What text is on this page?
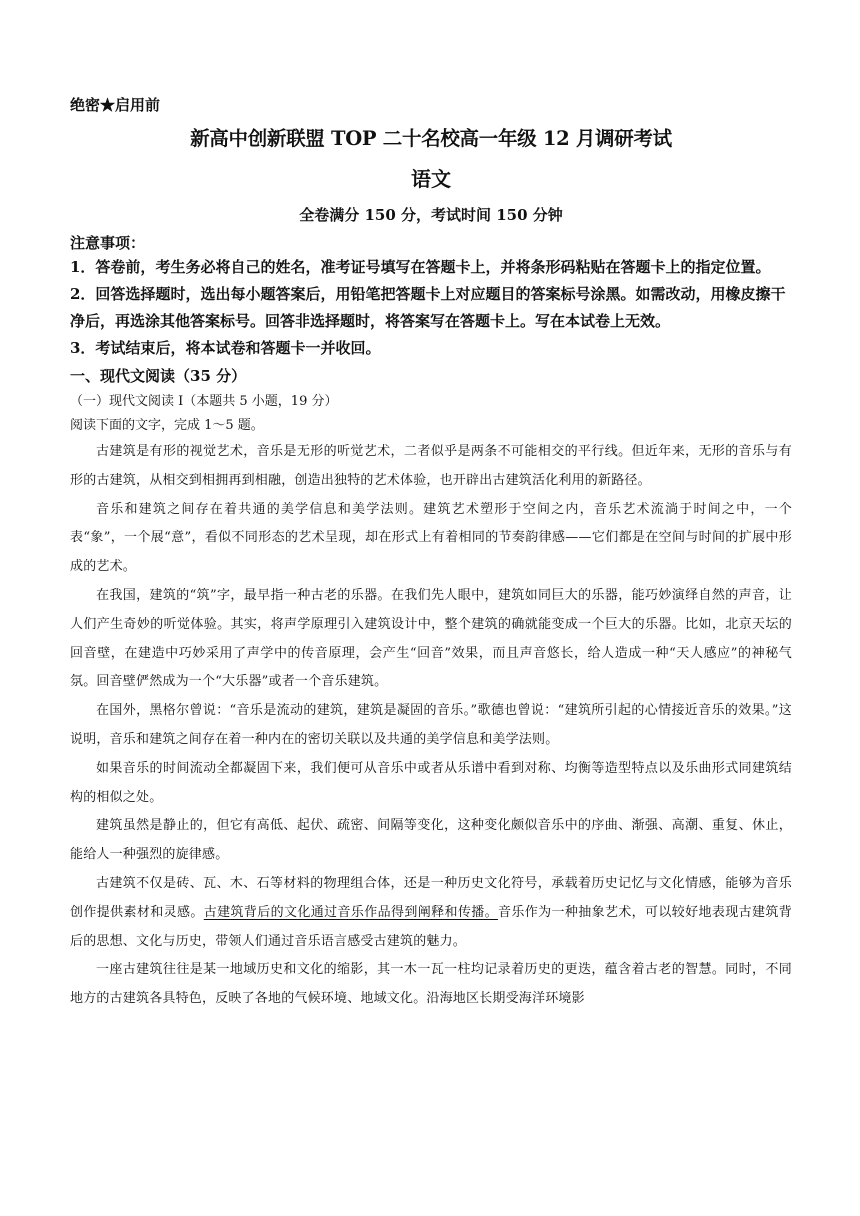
绝密★启用前

新高中创新联盟 TOP 二十名校高一年级 12 月调研考试

语文

全卷满分 150 分，考试时间 150 分钟

注意事项：

1．答卷前，考生务必将自己的姓名，准考证号填写在答题卡上，并将条形码粘贴在答题卡上的指定位置。

2．回答选择题时，选出每小题答案后，用铅笔把答题卡上对应题目的答案标号涂黑。如需改动，用橡皮擦干净后，再选涂其他答案标号。回答非选择题时，将答案写在答题卡上。写在本试卷上无效。

3．考试结束后，将本试卷和答题卡一并收回。

一、现代文阅读（35 分）

（一）现代文阅读 I（本题共 5 小题，19 分）

阅读下面的文字，完成 1～5 题。

古建筑是有形的视觉艺术，音乐是无形的听觉艺术，二者似乎是两条不可能相交的平行线。但近年来，无形的音乐与有形的古建筑，从相交到相拥再到相融，创造出独特的艺术体验，也开辟出古建筑活化利用的新路径。

音乐和建筑之间存在着共通的美学信息和美学法则。建筑艺术塑形于空间之内，音乐艺术流淌于时间之中，一个表“象”，一个展“意”，看似不同形态的艺术呈现，却在形式上有着相同的节奏韵律感——它们都是在空间与时间的扩展中形成的艺术。

在我国，建筑的“筑”字，最早指一种古老的乐器。在我们先人眼中，建筑如同巨大的乐器，能巧妙演绎自然的声音，让人们产生奇妙的听觉体验。其实，将声学原理引入建筑设计中，整个建筑的确就能变成一个巨大的乐器。比如，北京天坛的回音壁，在建造中巧妙采用了声学中的传音原理，会产生“回音”效果，而且声音悠长，给人造成一种“天人感应”的神秘气氛。回音壁俨然成为一个“大乐器”或者一个音乐建筑。

在国外，黑格尔曾说：“音乐是流动的建筑，建筑是凝固的音乐。”歌德也曾说：“建筑所引起的心情接近音乐的效果。”这说明，音乐和建筑之间存在着一种内在的密切关联以及共通的美学信息和美学法则。

如果音乐的时间流动全都凝固下来，我们便可从音乐中或者从乐谱中看到对称、均衡等造型特点以及乐曲形式同建筑结构的相似之处。

建筑虽然是静止的，但它有高低、起伏、疏密、间隔等变化，这种变化颇似音乐中的序曲、渐强、高潮、重复、休止，能给人一种强烈的旋律感。

古建筑不仅是砖、瓦、木、石等材料的物理组合体，还是一种历史文化符号，承载着历史记忆与文化情感，能够为音乐创作提供素材和灵感。古建筑背后的文化通过音乐作品得到阐释和传播。音乐作为一种抽象艺术，可以较好地表现古建筑背后的思想、文化与历史，带领人们通过音乐语言感受古建筑的魅力。

一座古建筑往往是某一地域历史和文化的缩影，其一木一瓦一柱均记录着历史的更迭，蕴含着古老的智慧。同时，不同地方的古建筑各具特色，反映了各地的气候环境、地域文化。沿海地区长期受海洋环境影
